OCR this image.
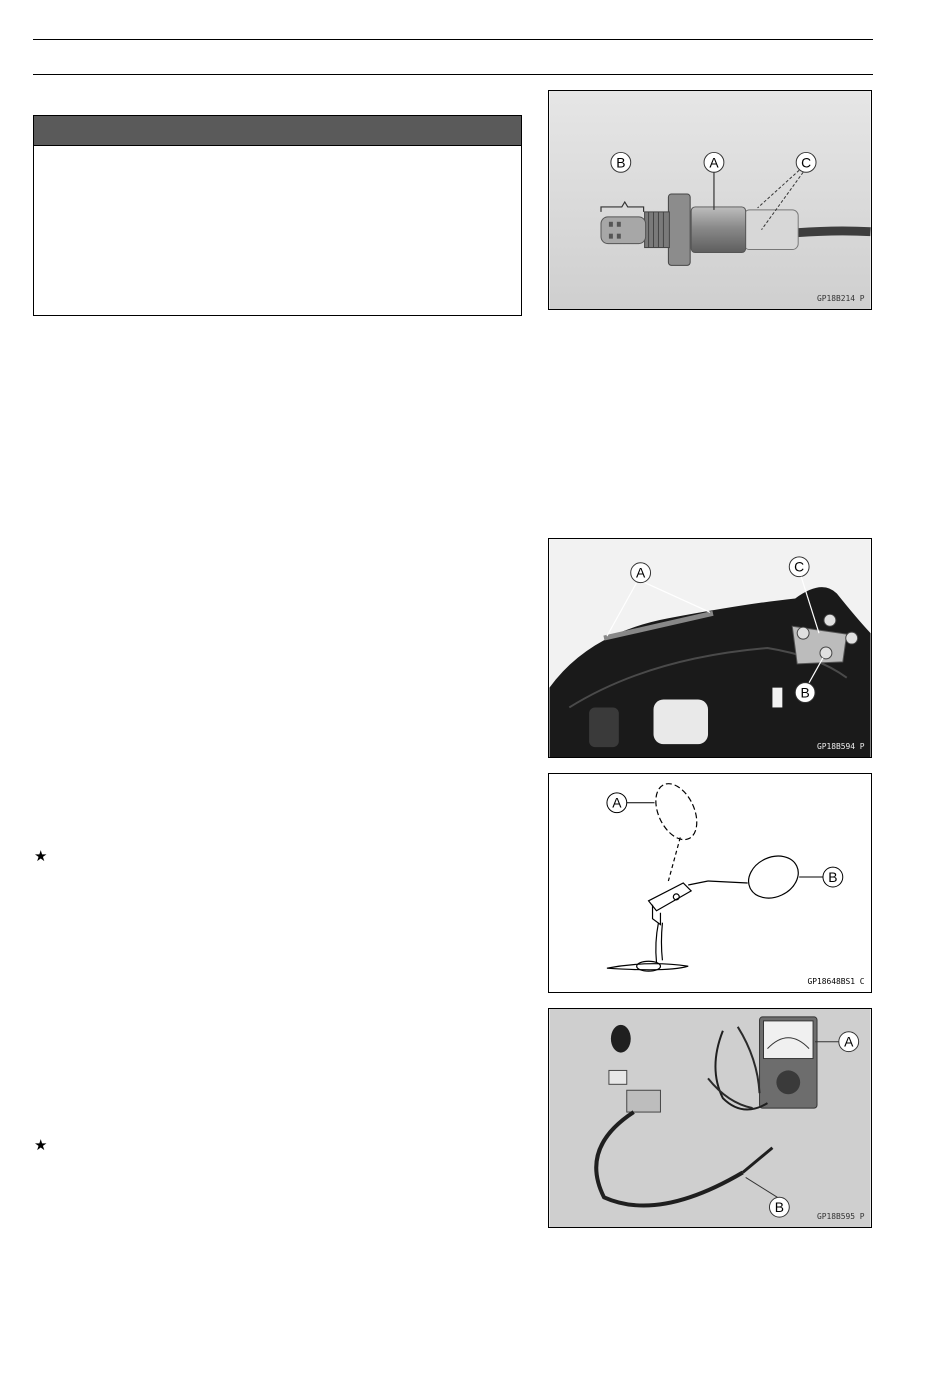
★
★
B	A	C
GP18B214 P
A	C
B
GP18B594 P
A
B
GP18648BS1 C
A
B
GP18B595 P
